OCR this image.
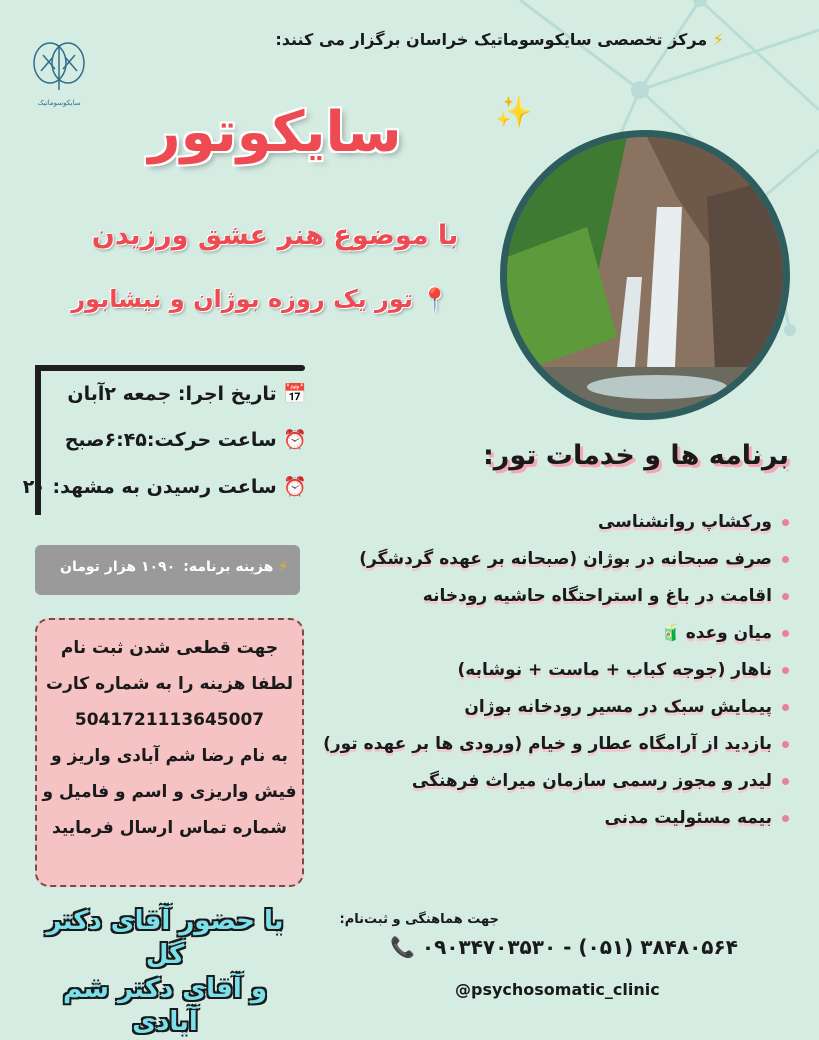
سایکوسوماتیک
⚡ مرکز تخصصی سایکوسوماتیک خراسان برگزار می کنند:
✨
سایکوتور
با موضوع هنر عشق ورزیدن
📍 تور یک روزه بوژان و نیشابور
📅 تاریخ اجرا: جمعه ۲آبان
⏰ ساعت حرکت:۶:۴۵صبح
⏰ ساعت رسیدن به مشهد: ۲۰
⚡ هزینه برنامه:
۱۰۹۰ هزار تومان
جهت قطعی شدن ثبت نام
لطفا هزینه را به شماره کارت
5041721113645007
به نام رضا شم آبادی واریز و
فیش واریزی و اسم و فامیل و
شماره تماس ارسال فرمایید
با حضور آقای دکتر گل
و آقای دکتر شم آبادی
برنامه ها و خدمات تور:
ورکشاپ روانشناسی
صرف صبحانه در بوژان (صبحانه بر عهده گردشگر)
اقامت در باغ و استراحتگاه حاشیه رودخانه
میان وعده 🧃
ناهار (جوجه کباب + ماست + نوشابه)
پیمایش سبک در مسیر رودخانه بوژان
بازدید از آرامگاه عطار و خیام (ورودی ها بر عهده تور)
لیدر و مجوز رسمی سازمان میراث فرهنگی
بیمه مسئولیت مدنی
جهت هماهنگی و ثبت‌نام:
📞 ۰۹۰۳۴۷۰۳۵۳۰ - (۰۵۱) ۳۸۴۸۰۵۶۴
@psychosomatic_clinic
